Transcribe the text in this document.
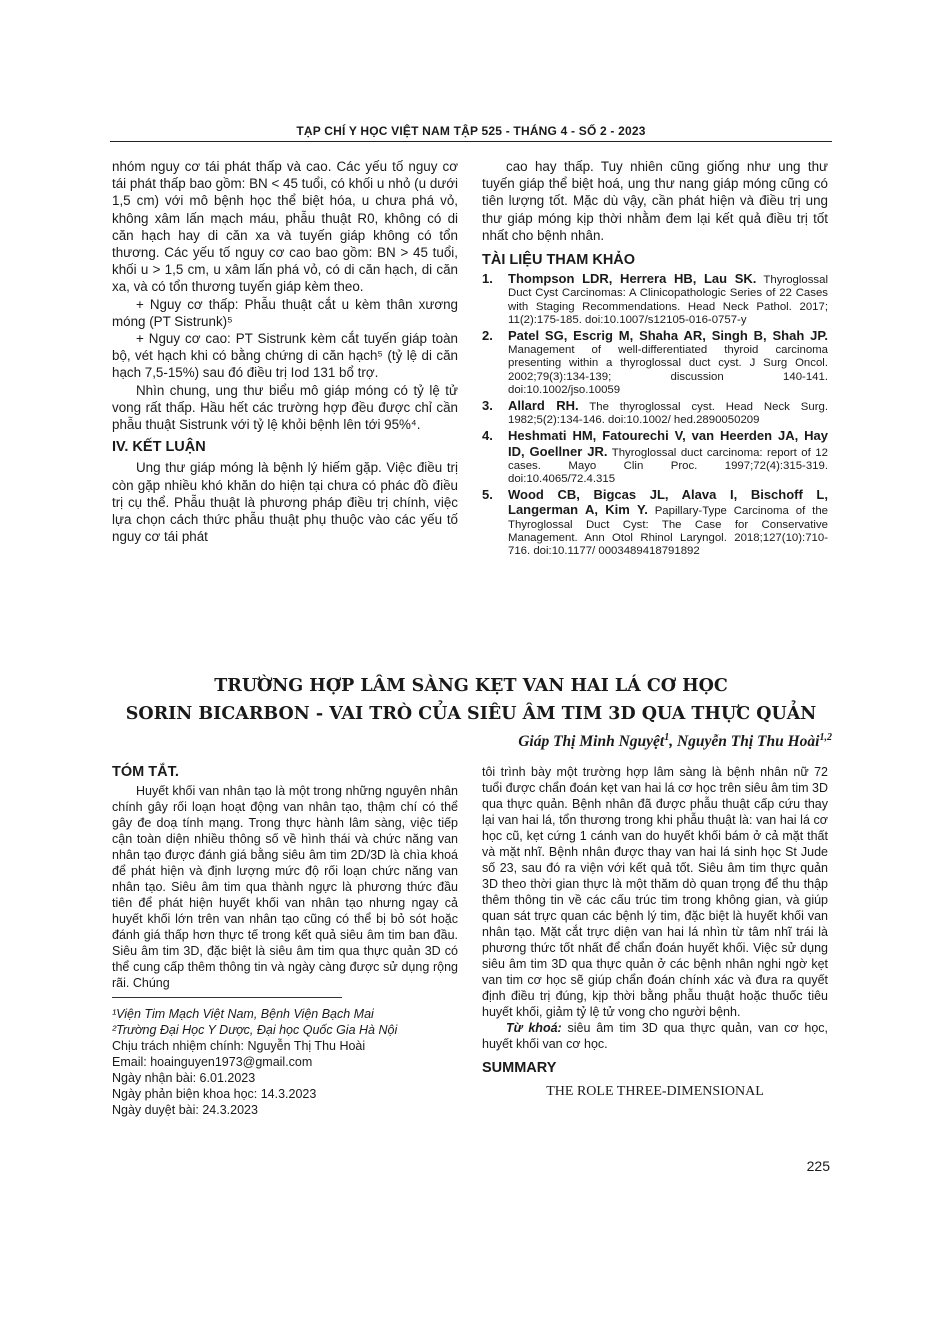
TẠP CHÍ Y HỌC VIỆT NAM TẬP 525 - THÁNG 4 - SỐ 2 - 2023

nhóm nguy cơ tái phát thấp và cao. Các yếu tố nguy cơ tái phát thấp bao gồm: BN < 45 tuổi, có khối u nhỏ (u dưới 1,5 cm) với mô bệnh học thể biệt hóa, u chưa phá vỏ, không xâm lấn mạch máu, phẫu thuật R0, không có di căn hạch hay di căn xa và tuyến giáp không có tổn thương. Các yếu tố nguy cơ cao bao gồm: BN > 45 tuổi, khối u > 1,5 cm, u xâm lấn phá vỏ, có di căn hạch, di căn xa, và có tổn thương tuyến giáp kèm theo.

+ Nguy cơ thấp: Phẫu thuật cắt u kèm thân xương móng (PT Sistrunk)⁵

+ Nguy cơ cao: PT Sistrunk kèm cắt tuyến giáp toàn bộ, vét hạch khi có bằng chứng di căn hạch⁵ (tỷ lệ di căn hạch 7,5-15%) sau đó điều trị Iod 131 bổ trợ.

Nhìn chung, ung thư biểu mô giáp móng có tỷ lệ tử vong rất thấp. Hầu hết các trường hợp đều được chỉ cần phẫu thuật Sistrunk với tỷ lệ khỏi bệnh lên tới 95%⁴.

IV. KẾT LUẬN

Ung thư giáp móng là bệnh lý hiếm gặp. Việc điều trị còn gặp nhiều khó khăn do hiện tại chưa có phác đồ điều trị cụ thể. Phẫu thuật là phương pháp điều trị chính, việc lựa chọn cách thức phẫu thuật phụ thuộc vào các yếu tố nguy cơ tái phát

cao hay thấp. Tuy nhiên cũng giống như ung thư tuyến giáp thể biệt hoá, ung thư nang giáp móng cũng có tiên lượng tốt. Mặc dù vậy, cần phát hiện và điều trị ung thư giáp móng kịp thời nhằm đem lại kết quả điều trị tốt nhất cho bệnh nhân.

TÀI LIỆU THAM KHẢO
1. Thompson LDR, Herrera HB, Lau SK. Thyroglossal Duct Cyst Carcinomas: A Clinicopathologic Series of 22 Cases with Staging Recommendations. Head Neck Pathol. 2017; 11(2):175-185. doi:10.1007/s12105-016-0757-y
2. Patel SG, Escrig M, Shaha AR, Singh B, Shah JP. Management of well-differentiated thyroid carcinoma presenting within a thyroglossal duct cyst. J Surg Oncol. 2002;79(3):134-139; discussion 140-141. doi:10.1002/jso.10059
3. Allard RH. The thyroglossal cyst. Head Neck Surg. 1982;5(2):134-146. doi:10.1002/ hed.2890050209
4. Heshmati HM, Fatourechi V, van Heerden JA, Hay ID, Goellner JR. Thyroglossal duct carcinoma: report of 12 cases. Mayo Clin Proc. 1997;72(4):315-319. doi:10.4065/72.4.315
5. Wood CB, Bigcas JL, Alava I, Bischoff L, Langerman A, Kim Y. Papillary-Type Carcinoma of the Thyroglossal Duct Cyst: The Case for Conservative Management. Ann Otol Rhinol Laryngol. 2018;127(10):710-716. doi:10.1177/ 0003489418791892
TRƯỜNG HỢP LÂM SÀNG KẸT VAN HAI LÁ CƠ HỌC
SORIN BICARBON - VAI TRÒ CỦA SIÊU ÂM TIM 3D QUA THỰC QUẢN
Giáp Thị Minh Nguyệt$^1$, Nguyễn Thị Thu Hoài$^{1,2}$
TÓM TẮT.

Huyết khối van nhân tạo là một trong những nguyên nhân chính gây rối loạn hoạt động van nhân tạo, thậm chí có thể gây đe doạ tính mạng. Trong thực hành lâm sàng, việc tiếp cận toàn diện nhiều thông số về hình thái và chức năng van nhân tạo được đánh giá bằng siêu âm tim 2D/3D là chìa khoá để phát hiện và định lượng mức độ rối loạn chức năng van nhân tạo. Siêu âm tim qua thành ngực là phương thức đầu tiên để phát hiện huyết khối van nhân tạo nhưng ngay cả huyết khối lớn trên van nhân tạo cũng có thể bị bỏ sót hoặc đánh giá thấp hơn thực tế trong kết quả siêu âm tim ban đầu. Siêu âm tim 3D, đặc biệt là siêu âm tim qua thực quản 3D có thể cung cấp thêm thông tin và ngày càng được sử dụng rộng rãi. Chúng

¹Viện Tim Mạch Việt Nam, Bệnh Viện Bạch Mai
²Trường Đại Học Y Dược, Đại học Quốc Gia Hà Nội
Chịu trách nhiệm chính: Nguyễn Thị Thu Hoài
Email: hoainguyen1973@gmail.com
Ngày nhận bài: 6.01.2023
Ngày phản biện khoa học: 14.3.2023
Ngày duyệt bài: 24.3.2023

tôi trình bày một trường hợp lâm sàng là bệnh nhân nữ 72 tuổi được chẩn đoán kẹt van hai lá cơ học trên siêu âm tim 3D qua thực quản. Bệnh nhân đã được phẫu thuật cấp cứu thay lại van hai lá, tổn thương trong khi phẫu thuật là: van hai lá cơ học cũ, kẹt cứng 1 cánh van do huyết khối bám ở cả mặt thất và mặt nhĩ. Bệnh nhân được thay van hai lá sinh học St Jude số 23, sau đó ra viện với kết quả tốt. Siêu âm tim thực quản 3D theo thời gian thực là một thăm dò quan trọng để thu thập thêm thông tin về các cấu trúc tim trong không gian, và giúp quan sát trực quan các bệnh lý tim, đặc biệt là huyết khối van nhân tạo. Mặt cắt trực diện van hai lá nhìn từ tâm nhĩ trái là phương thức tốt nhất để chẩn đoán huyết khối. Việc sử dụng siêu âm tim 3D qua thực quản ở các bệnh nhân nghi ngờ kẹt van tim cơ học sẽ giúp chẩn đoán chính xác và đưa ra quyết định điều trị đúng, kịp thời bằng phẫu thuật hoặc thuốc tiêu huyết khối, giảm tỷ lệ tử vong cho người bệnh.

Từ khoá: siêu âm tim 3D qua thực quản, van cơ học, huyết khối van cơ học.

SUMMARY
THE ROLE THREE-DIMENSIONAL
225
